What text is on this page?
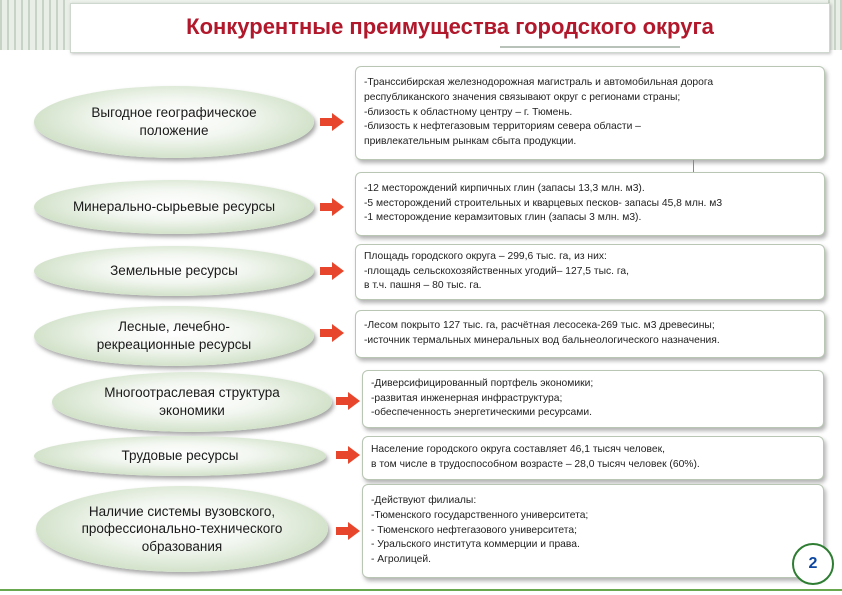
Конкурентные преимущества городского округа
Выгодное географическое
положение
-Транссибирская железнодорожная магистраль и автомобильная дорога
республиканского значения связывают округ с регионами страны;
-близость к областному центру – г. Тюмень.
-близость к нефтегазовым территориям севера области –
привлекательным рынкам сбыта продукции.
Минерально-сырьевые ресурсы
-12 месторождений кирпичных глин (запасы 13,3 млн. м3).
-5 месторождений строительных и кварцевых песков- запасы 45,8 млн. м3
-1 месторождение керамзитовых глин (запасы 3 млн. м3).
Земельные ресурсы
Площадь городского округа – 299,6 тыс. га, из них:
-площадь сельскохозяйственных угодий– 127,5 тыс. га,
в т.ч. пашня – 80 тыс. га.
Лесные, лечебно-
рекреационные ресурсы
-Лесом покрыто 127 тыс. га, расчётная лесосека-269 тыс. м3 древесины;
-источник термальных минеральных вод бальнеологического назначения.
Многоотраслевая структура
экономики
-Диверсифицированный портфель экономики;
-развитая инженерная инфраструктура;
-обеспеченность энергетическими ресурсами.
Трудовые ресурсы	Население городского округа составляет 46,1 тысяч человек,
в том числе в трудоспособном возрасте – 28,0 тысяч человек (60%).
Наличие системы вузовского,
профессионально-технического
образования
-Действуют филиалы:
-Тюменского государственного университета;
- Тюменского нефтегазового университета;
- Уральского института коммерции и права.
- Агролицей.	2
